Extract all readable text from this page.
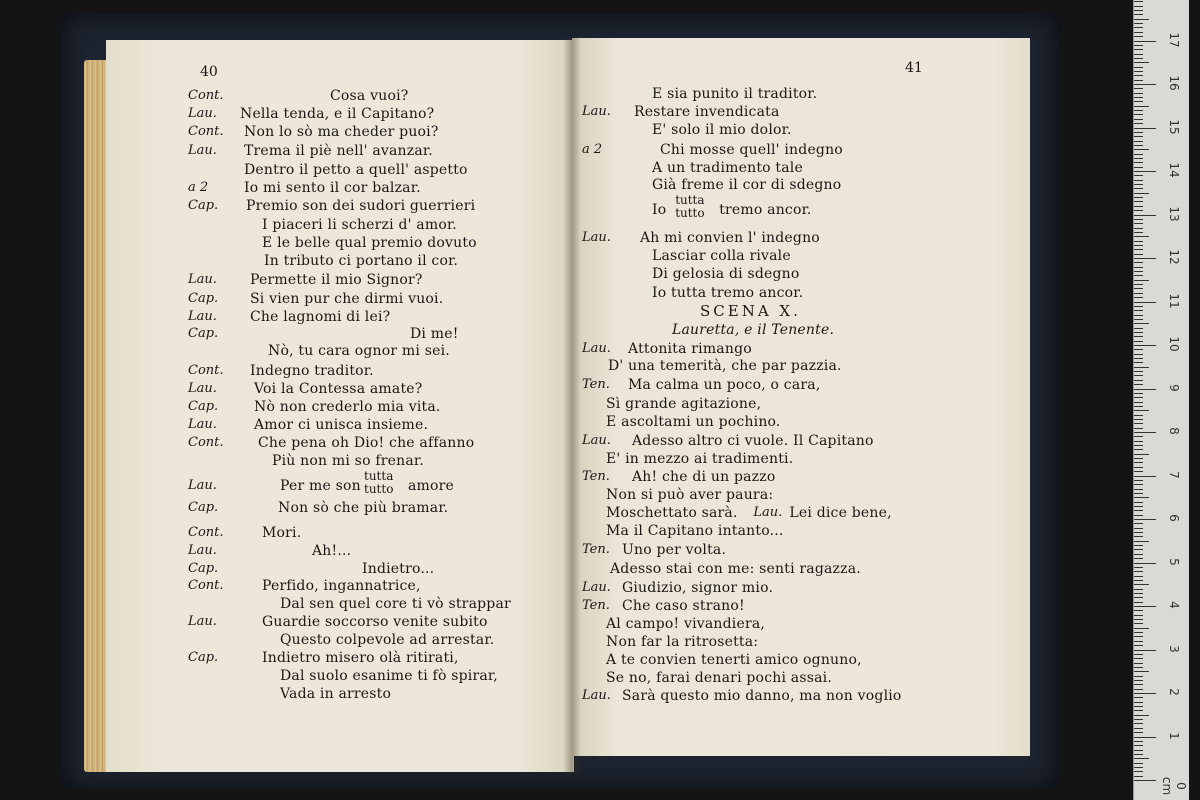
40
Cont.	Cosa vuoi?
Lau. Nella tenda, e il Capitano?
Cont. Non lo sò ma cheder puoi?
Lau. Trema il piè nell' avanzar.
Dentro il petto a quell' aspetto
a 2	Io mi sento il cor balzar.
Cap. Premio son dei sudori guerrieri
I piaceri li scherzi d' amor.
E le belle qual premio dovuto
In tributo ci portano il cor.
Lau. Permette il mio Signor?
Cap. Si vien pur che dirmi vuoi.
Lau. Che lagnomi di lei?
Cap.	Di me!
Nò, tu cara ognor mi sei.
Cont. Indegno traditor.
Lau.	Voi la Contessa amate?
Cap.	Nò non crederlo mia vita.
Lau.	Amor ci unisca insieme.
Cont. Che pena oh Dio! che affanno
Più non mi so frenar.
Lau.	Per me son
tutta
tutto amore
Cap.	Non sò che più bramar.
Cont.	Mori.
Lau.	Ah!...
Cap.	Indietro...
Cont.	Perfido, ingannatrice,
Dal sen quel core ti vò strappar
Lau.	Guardie soccorso venite subito
Questo colpevole ad arrestar.
Cap.	Indietro misero olà ritirati,
Dal suolo esanime ti fò spirar,
Vada in arresto
41
E sia punito il traditor.
Lau. Restare invendicata
E' solo il mio dolor.
a 2	Chi mosse quell' indegno
A un tradimento tale
Già freme il cor di sdegno
Io
tutta
tutto tremo ancor.
Lau. Ah mi convien l' indegno
Lasciar colla rivale
Di gelosia di sdegno
Io tutta tremo ancor.
SCENA X.
Lauretta, e il Tenente.
Lau. Attonita rimango
D' una temerità, che par pazzia.
Ten. Ma calma un poco, o cara,
Sì grande agitazione,
E ascoltami un pochino.
Lau. Adesso altro ci vuole. Il Capitano
E' in mezzo ai tradimenti.
Ten. Ah! che di un pazzo
Non si può aver paura:
Moschettato sarà. Lau. Lei dice bene,
Ma il Capitano intanto...
Ten. Uno per volta.
Adesso stai con me: senti ragazza.
Lau. Giudizio, signor mio.
Ten. Che caso strano!
Al campo! vivandiera,
Non far la ritrosetta:
A te convien tenerti amico ognuno,
Se no, farai denari pochi assai.
Lau. Sarà questo mio danno, ma non voglio
0 cm
1
2
3
4
5
6
7
8
9
10
11
12
13
14
15
16
17
